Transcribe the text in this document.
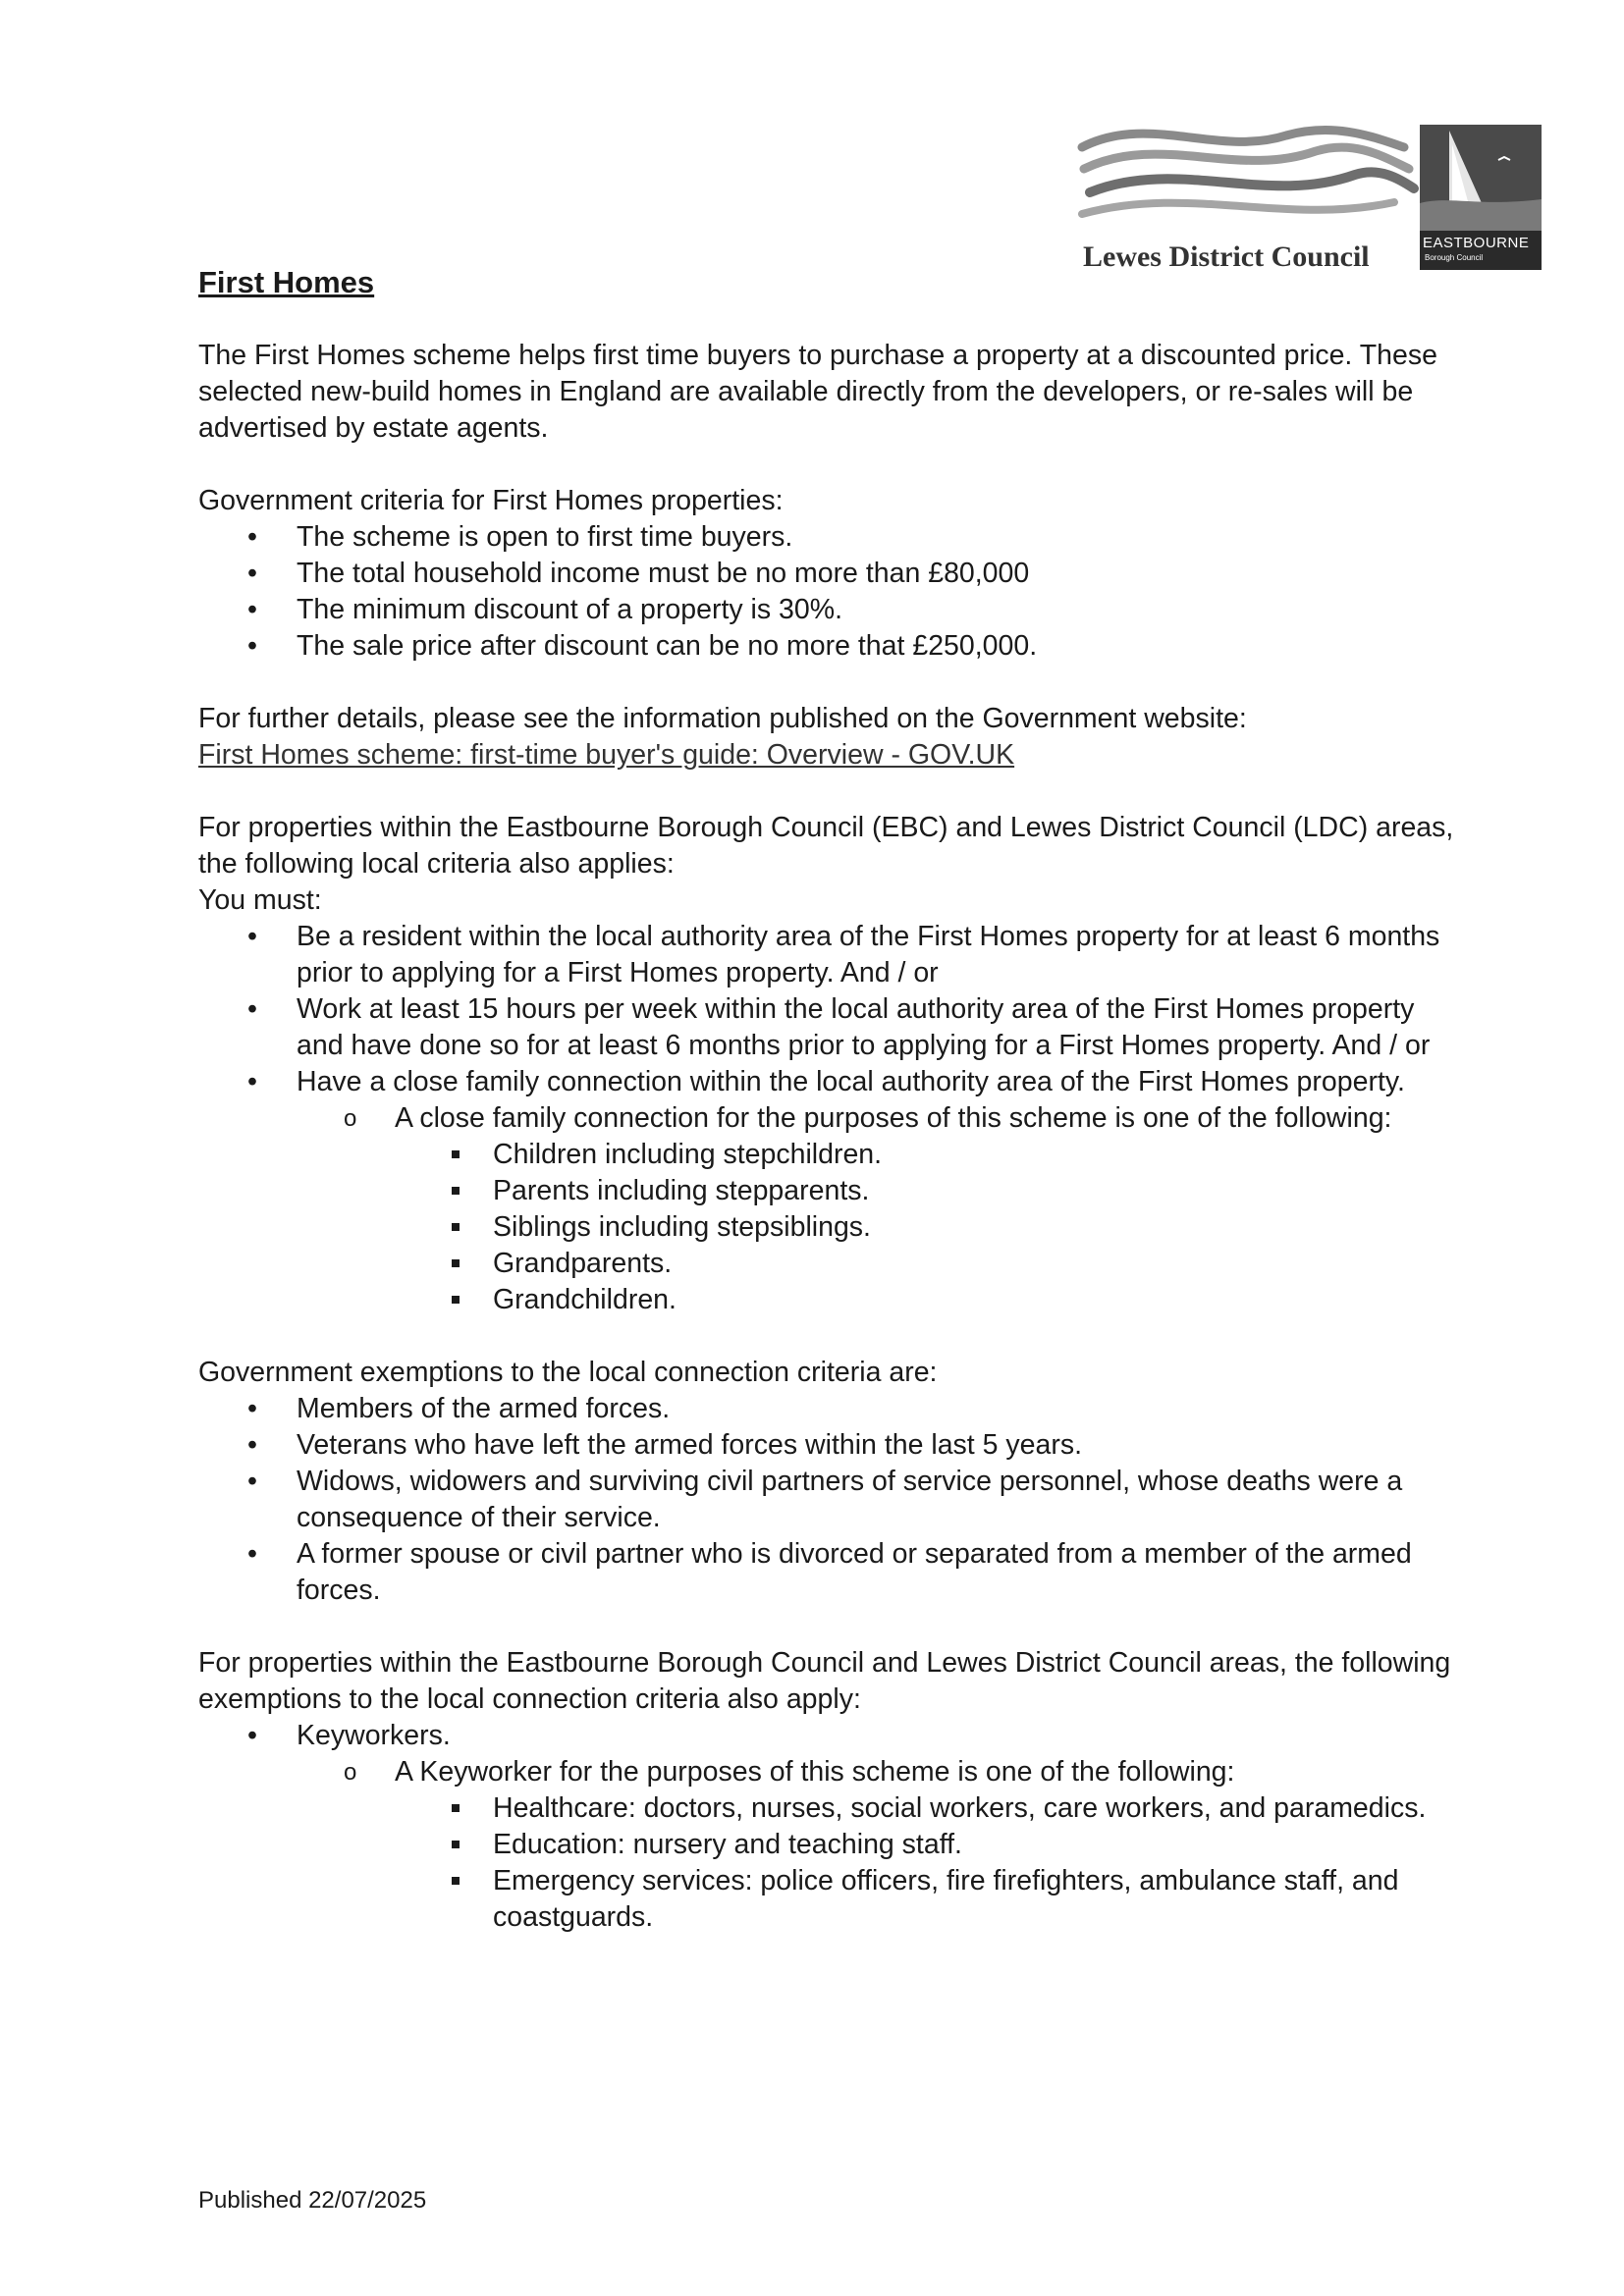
Lewes District Council	EASTBOURNE
Borough Council
First Homes

The First Homes scheme helps first time buyers to purchase a property at a discounted price. These selected new-build homes in England are available directly from the developers, or re-sales will be advertised by estate agents.

Government criteria for First Homes properties:

• The scheme is open to first time buyers.
• The total household income must be no more than £80,000
• The minimum discount of a property is 30%.
• The sale price after discount can be no more that £250,000.

For further details, please see the information published on the Government website:

First Homes scheme: first-time buyer's guide: Overview - GOV.UK

For properties within the Eastbourne Borough Council (EBC) and Lewes District Council (LDC) areas, the following local criteria also applies:

You must:

• Be a resident within the local authority area of the First Homes property for at least 6 months prior to applying for a First Homes property. And / or
• Work at least 15 hours per week within the local authority area of the First Homes property and have done so for at least 6 months prior to applying for a First Homes property. And / or
• Have a close family connection within the local authority area of the First Homes property.
o A close family connection for the purposes of this scheme is one of the following:
Children including stepchildren.
Parents including stepparents.
Siblings including stepsiblings.
Grandparents.
Grandchildren.

Government exemptions to the local connection criteria are:

• Members of the armed forces.
• Veterans who have left the armed forces within the last 5 years.
• Widows, widowers and surviving civil partners of service personnel, whose deaths were a consequence of their service.
• A former spouse or civil partner who is divorced or separated from a member of the armed forces.

For properties within the Eastbourne Borough Council and Lewes District Council areas, the following exemptions to the local connection criteria also apply:

• Keyworkers.
o A Keyworker for the purposes of this scheme is one of the following:
Healthcare: doctors, nurses, social workers, care workers, and paramedics.
Education: nursery and teaching staff.
Emergency services: police officers, fire firefighters, ambulance staff, and coastguards.
Published 22/07/2025
